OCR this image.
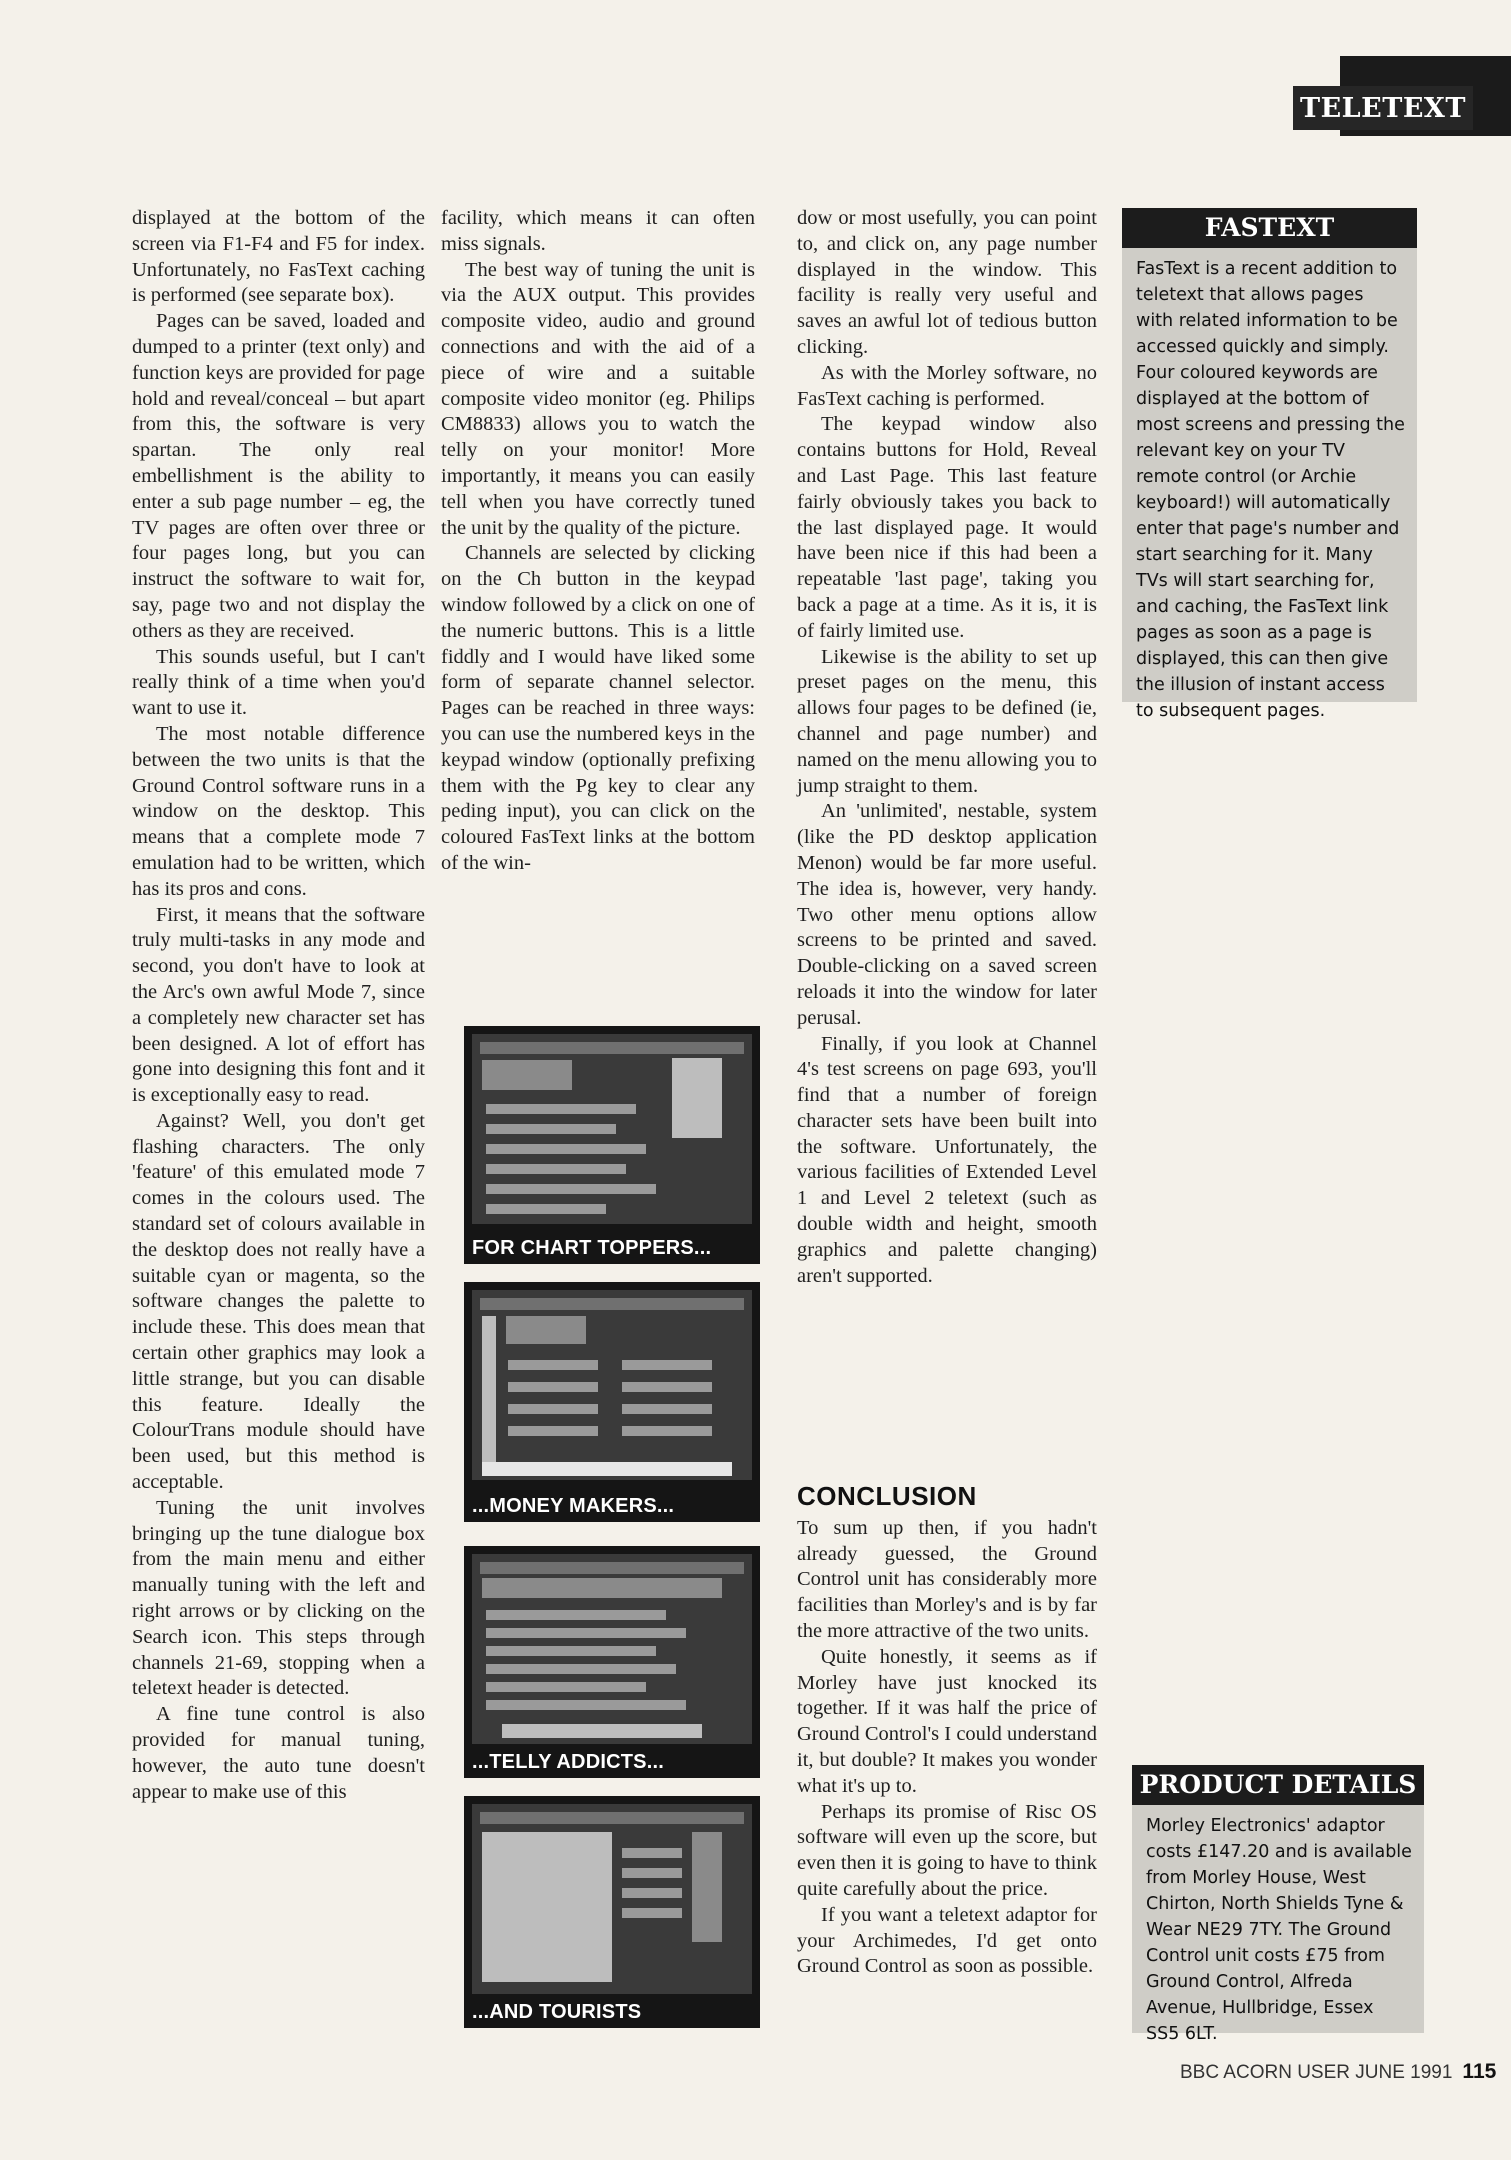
TELETEXT

displayed at the bottom of the screen via F1-F4 and F5 for index. Unfortunately, no FasText caching is performed (see separate box).

Pages can be saved, loaded and dumped to a printer (text only) and function keys are provided for page hold and reveal/conceal – but apart from this, the software is very spartan. The only real embellishment is the ability to enter a sub page number – eg, the TV pages are often over three or four pages long, but you can instruct the software to wait for, say, page two and not display the others as they are received.

This sounds useful, but I can't really think of a time when you'd want to use it.

The most notable difference between the two units is that the Ground Control software runs in a window on the desktop. This means that a complete mode 7 emulation had to be written, which has its pros and cons.

First, it means that the software truly multi-tasks in any mode and second, you don't have to look at the Arc's own awful Mode 7, since a completely new character set has been designed. A lot of effort has gone into designing this font and it is exceptionally easy to read.

Against? Well, you don't get flashing characters. The only 'feature' of this emulated mode 7 comes in the colours used. The standard set of colours available in the desktop does not really have a suitable cyan or magenta, so the software changes the palette to include these. This does mean that certain other graphics may look a little strange, but you can disable this feature. Ideally the ColourTrans module should have been used, but this method is acceptable.

Tuning the unit involves bringing up the tune dialogue box from the main menu and either manually tuning with the left and right arrows or by clicking on the Search icon. This steps through channels 21-69, stopping when a teletext header is detected.

A fine tune control is also provided for manual tuning, however, the auto tune doesn't appear to make use of this

facility, which means it can often miss signals.

The best way of tuning the unit is via the AUX output. This provides composite video, audio and ground connections and with the aid of a piece of wire and a suitable composite video monitor (eg. Philips CM8833) allows you to watch the telly on your monitor! More importantly, it means you can easily tell when you have correctly tuned the unit by the quality of the picture.

Channels are selected by clicking on the Ch button in the keypad window followed by a click on one of the numeric buttons. This is a little fiddly and I would have liked some form of separate channel selector. Pages can be reached in three ways: you can use the numbered keys in the keypad window (optionally prefixing them with the Pg key to clear any peding input), you can click on the coloured FasText links at the bottom of the win-

FOR CHART TOPPERS...
...MONEY MAKERS...
...TELLY ADDICTS...
...AND TOURISTS

dow or most usefully, you can point to, and click on, any page number displayed in the window. This facility is really very useful and saves an awful lot of tedious button clicking.

As with the Morley software, no FasText caching is performed.

The keypad window also contains buttons for Hold, Reveal and Last Page. This last feature fairly obviously takes you back to the last displayed page. It would have been nice if this had been a repeatable 'last page', taking you back a page at a time. As it is, it is of fairly limited use.

Likewise is the ability to set up preset pages on the menu, this allows four pages to be defined (ie, channel and page number) and named on the menu allowing you to jump straight to them.

An 'unlimited', nestable, system (like the PD desktop application Menon) would be far more useful. The idea is, however, very handy. Two other menu options allow screens to be printed and saved. Double-clicking on a saved screen reloads it into the window for later perusal.

Finally, if you look at Channel 4's test screens on page 693, you'll find that a number of foreign character sets have been built into the software. Unfortunately, the various facilities of Extended Level 1 and Level 2 teletext (such as double width and height, smooth graphics and palette changing) aren't supported.

CONCLUSION

To sum up then, if you hadn't already guessed, the Ground Control unit has considerably more facilities than Morley's and is by far the more attractive of the two units.

Quite honestly, it seems as if Morley have just knocked its together. If it was half the price of Ground Control's I could understand it, but double? It makes you wonder what it's up to.

Perhaps its promise of Risc OS software will even up the score, but even then it is going to have to think quite carefully about the price.

If you want a teletext adaptor for your Archimedes, I'd get onto Ground Control as soon as possible.

FASTEXT
FasText is a recent addition to teletext that allows pages with related information to be accessed quickly and simply. Four coloured keywords are displayed at the bottom of most screens and pressing the relevant key on your TV remote control (or Archie keyboard!) will automatically enter that page's number and start searching for it. Many TVs will start searching for, and caching, the FasText link pages as soon as a page is displayed, this can then give the illusion of instant access to subsequent pages.
PRODUCT DETAILS
Morley Electronics' adaptor costs £147.20 and is available from Morley House, West Chirton, North Shields Tyne & Wear NE29 7TY. The Ground Control unit costs £75 from Ground Control, Alfreda Avenue, Hullbridge, Essex SS5 6LT.
BBC ACORN USER JUNE 1991 115
